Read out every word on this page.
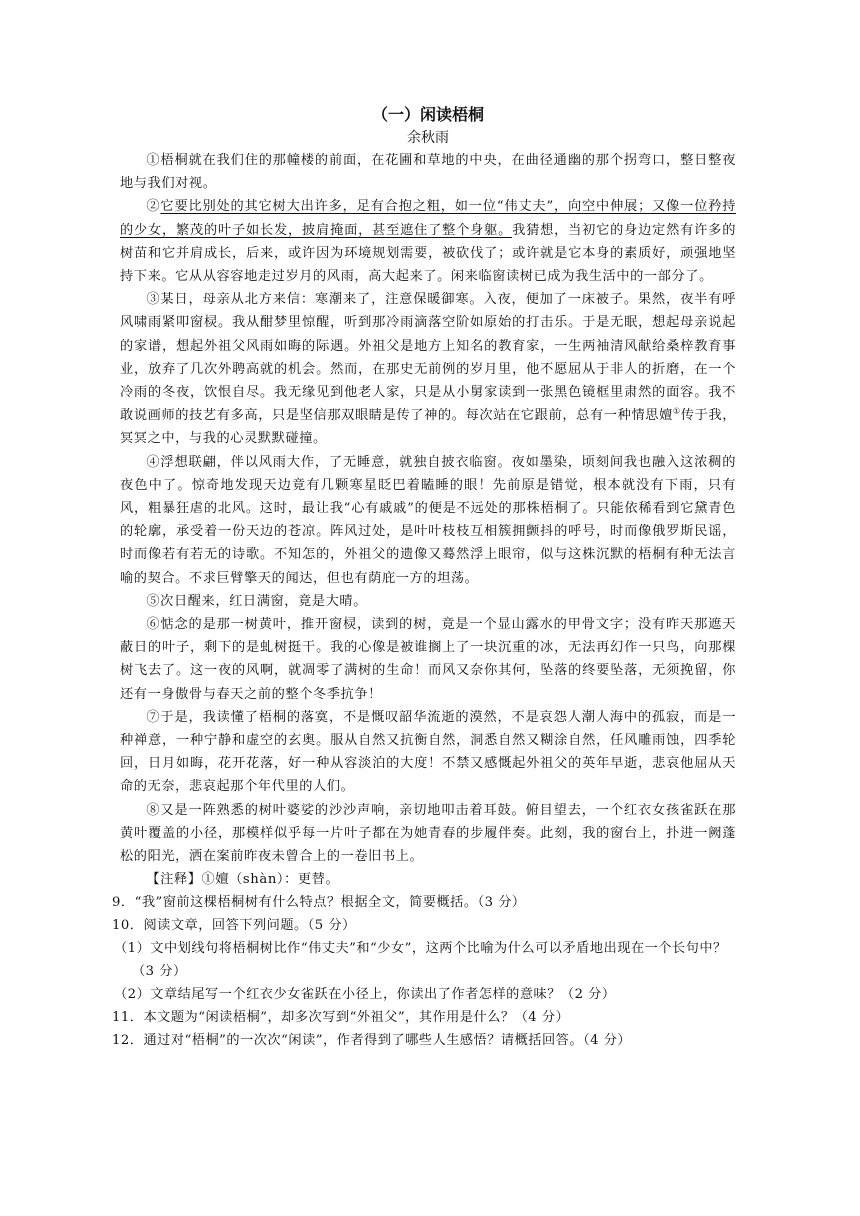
（一）闲读梧桐

余秋雨

①梧桐就在我们住的那幢楼的前面，在花圃和草地的中央，在曲径通幽的那个拐弯口，整日整夜地与我们对视。

②它要比别处的其它树大出许多，足有合抱之粗，如一位“伟丈夫”，向空中伸展；又像一位矜持的少女，繁茂的叶子如长发，披肩掩面，甚至遮住了整个身躯。我猜想，当初它的身边定然有许多的树苗和它并肩成长，后来，或许因为环境规划需要，被砍伐了；或许就是它本身的素质好，顽强地坚持下来。它从从容容地走过岁月的风雨，高大起来了。闲来临窗读树已成为我生活中的一部分了。

③某日，母亲从北方来信：寒潮来了，注意保暖御寒。入夜，便加了一床被子。果然，夜半有呼风啸雨紧叩窗棂。我从酣梦里惊醒，听到那冷雨滴落空阶如原始的打击乐。于是无眠，想起母亲说起的家谱，想起外祖父风雨如晦的际遇。外祖父是地方上知名的教育家，一生两袖清风献给桑梓教育事业，放弃了几次外聘高就的机会。然而，在那史无前例的岁月里，他不愿屈从于非人的折磨，在一个冷雨的冬夜，饮恨自尽。我无缘见到他老人家，只是从小舅家读到一张黑色镜框里肃然的面容。我不敢说画师的技艺有多高，只是坚信那双眼睛是传了神的。每次站在它跟前，总有一种情思嬗①传于我，冥冥之中，与我的心灵默默碰撞。

④浮想联翩，伴以风雨大作，了无睡意，就独自披衣临窗。夜如墨染，顷刻间我也融入这浓稠的夜色中了。惊奇地发现天边竟有几颗寒星眨巴着瞌睡的眼！先前原是错觉，根本就没有下雨，只有风，粗暴狂虐的北风。这时，最让我“心有戚戚”的便是不远处的那株梧桐了。只能依稀看到它黛青色的轮廓，承受着一份天边的苍凉。阵风过处，是叶叶枝枝互相簇拥颤抖的呼号，时而像俄罗斯民谣，时而像若有若无的诗歌。不知怎的，外祖父的遗像又蓦然浮上眼帘，似与这株沉默的梧桐有种无法言喻的契合。不求巨臂擎天的闻达，但也有荫庇一方的坦荡。

⑤次日醒来，红日满窗，竟是大晴。

⑥惦念的是那一树黄叶，推开窗棂，读到的树，竟是一个显山露水的甲骨文字；没有昨天那遮天蔽日的叶子，剩下的是虬树挺干。我的心像是被谁搁上了一块沉重的冰，无法再幻作一只鸟，向那棵树飞去了。这一夜的风啊，就凋零了满树的生命！而风又奈你其何，坠落的终要坠落，无须挽留，你还有一身傲骨与春天之前的整个冬季抗争！

⑦于是，我读懂了梧桐的落寞，不是慨叹韶华流逝的漠然，不是哀怨人潮人海中的孤寂，而是一种禅意，一种宁静和虚空的玄奥。服从自然又抗衡自然，洞悉自然又糊涂自然，任风雕雨蚀，四季轮回，日月如晦，花开花落，好一种从容淡泊的大度！不禁又感慨起外祖父的英年早逝，悲哀他屈从天命的无奈，悲哀起那个年代里的人们。

⑧又是一阵熟悉的树叶婆娑的沙沙声响，亲切地叩击着耳鼓。俯目望去，一个红衣女孩雀跃在那黄叶覆盖的小径，那模样似乎每一片叶子都在为她青春的步履伴奏。此刻，我的窗台上，扑进一阙蓬松的阳光，洒在案前昨夜未曾合上的一卷旧书上。

【注释】①嬗（shàn）：更替。

9．“我”窗前这棵梧桐树有什么特点？根据全文，简要概括。（3 分）

10．阅读文章，回答下列问题。（5 分）

（1）文中划线句将梧桐树比作“伟丈夫”和“少女”，这两个比喻为什么可以矛盾地出现在一个长句中？（3 分）

（2）文章结尾写一个红衣少女雀跃在小径上，你读出了作者怎样的意味？（2 分）

11．本文题为“闲读梧桐”，却多次写到“外祖父”，其作用是什么？（4 分）

12．通过对“梧桐”的一次次“闲读”，作者得到了哪些人生感悟？请概括回答。（4 分）
